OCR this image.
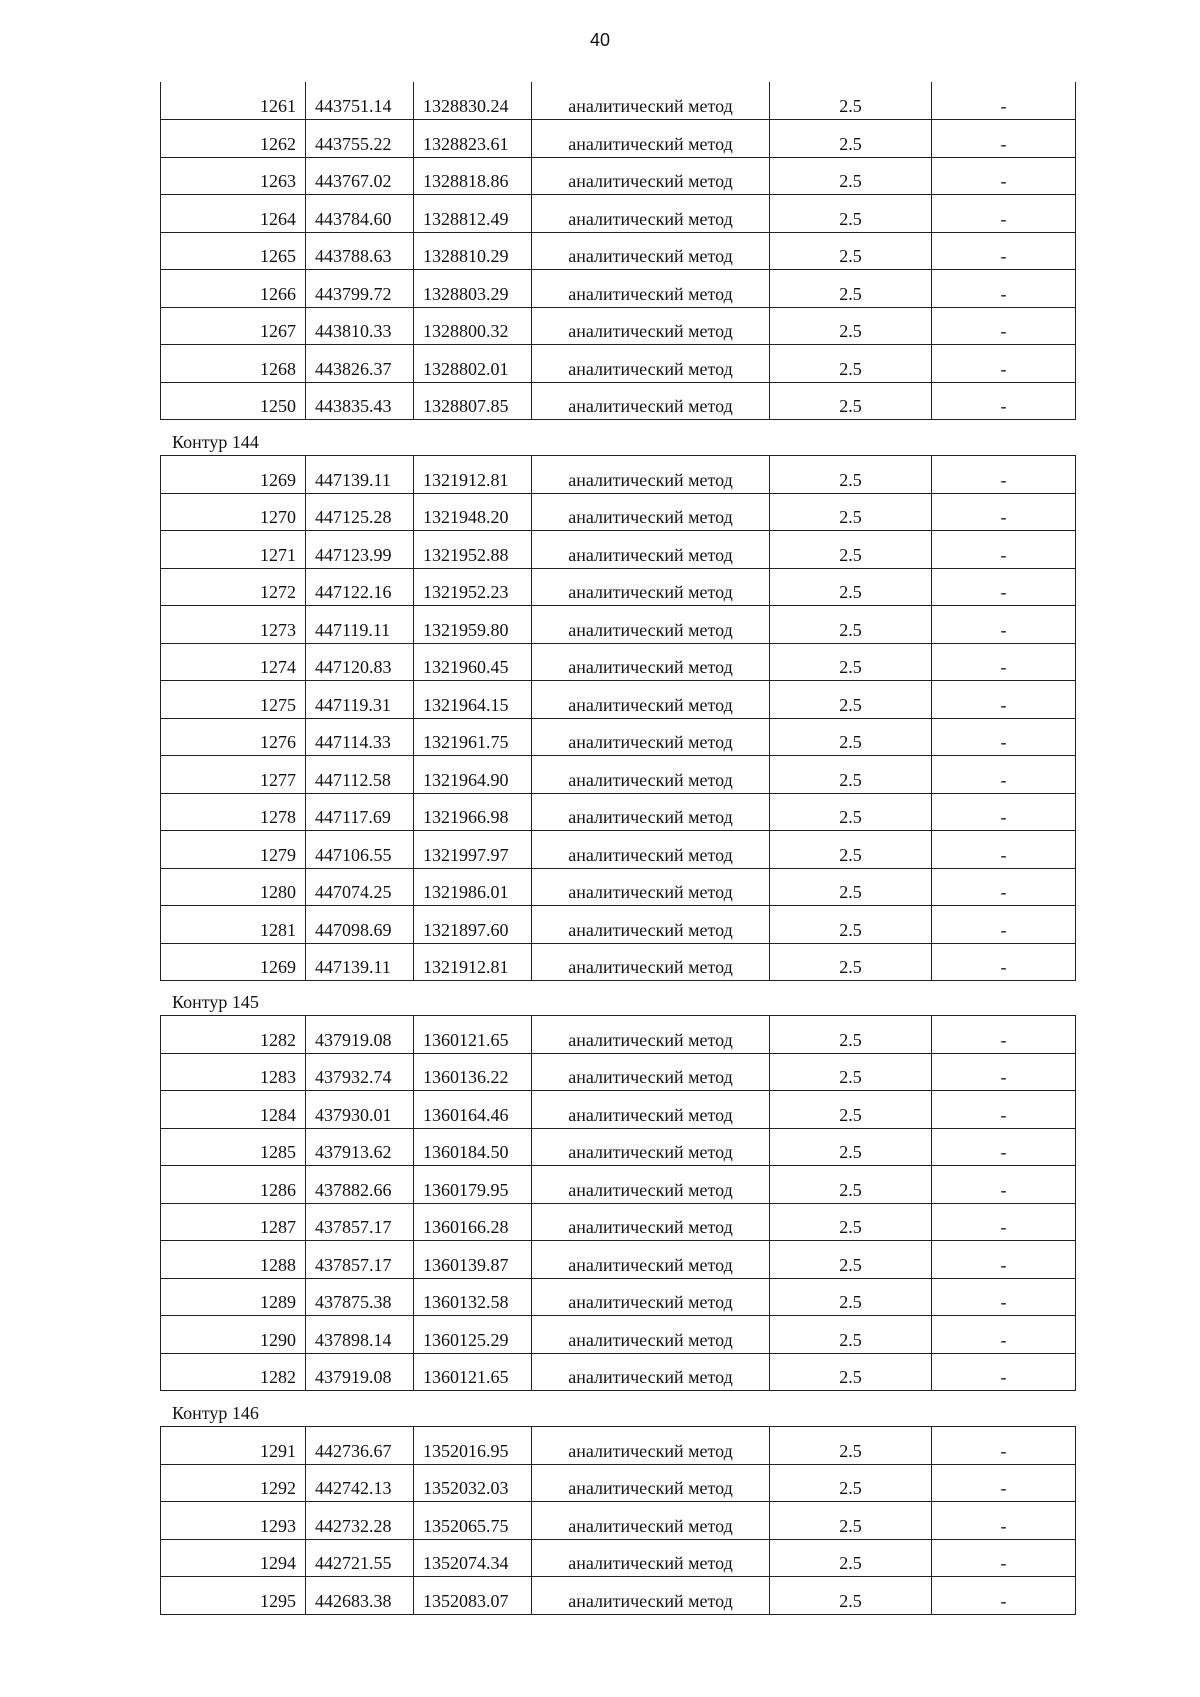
40
1261	443751.14	1328830.24	аналитический метод	2.5	-
1262	443755.22	1328823.61	аналитический метод	2.5	-
1263	443767.02	1328818.86	аналитический метод	2.5	-
1264	443784.60	1328812.49	аналитический метод	2.5	-
1265	443788.63	1328810.29	аналитический метод	2.5	-
1266	443799.72	1328803.29	аналитический метод	2.5	-
1267	443810.33	1328800.32	аналитический метод	2.5	-
1268	443826.37	1328802.01	аналитический метод	2.5	-
1250	443835.43	1328807.85	аналитический метод	2.5	-
Контур 144
1269	447139.11	1321912.81	аналитический метод	2.5	-
1270	447125.28	1321948.20	аналитический метод	2.5	-
1271	447123.99	1321952.88	аналитический метод	2.5	-
1272	447122.16	1321952.23	аналитический метод	2.5	-
1273	447119.11	1321959.80	аналитический метод	2.5	-
1274	447120.83	1321960.45	аналитический метод	2.5	-
1275	447119.31	1321964.15	аналитический метод	2.5	-
1276	447114.33	1321961.75	аналитический метод	2.5	-
1277	447112.58	1321964.90	аналитический метод	2.5	-
1278	447117.69	1321966.98	аналитический метод	2.5	-
1279	447106.55	1321997.97	аналитический метод	2.5	-
1280	447074.25	1321986.01	аналитический метод	2.5	-
1281	447098.69	1321897.60	аналитический метод	2.5	-
1269	447139.11	1321912.81	аналитический метод	2.5	-
Контур 145
1282	437919.08	1360121.65	аналитический метод	2.5	-
1283	437932.74	1360136.22	аналитический метод	2.5	-
1284	437930.01	1360164.46	аналитический метод	2.5	-
1285	437913.62	1360184.50	аналитический метод	2.5	-
1286	437882.66	1360179.95	аналитический метод	2.5	-
1287	437857.17	1360166.28	аналитический метод	2.5	-
1288	437857.17	1360139.87	аналитический метод	2.5	-
1289	437875.38	1360132.58	аналитический метод	2.5	-
1290	437898.14	1360125.29	аналитический метод	2.5	-
1282	437919.08	1360121.65	аналитический метод	2.5	-
Контур 146
1291	442736.67	1352016.95	аналитический метод	2.5	-
1292	442742.13	1352032.03	аналитический метод	2.5	-
1293	442732.28	1352065.75	аналитический метод	2.5	-
1294	442721.55	1352074.34	аналитический метод	2.5	-
1295	442683.38	1352083.07	аналитический метод	2.5	-
